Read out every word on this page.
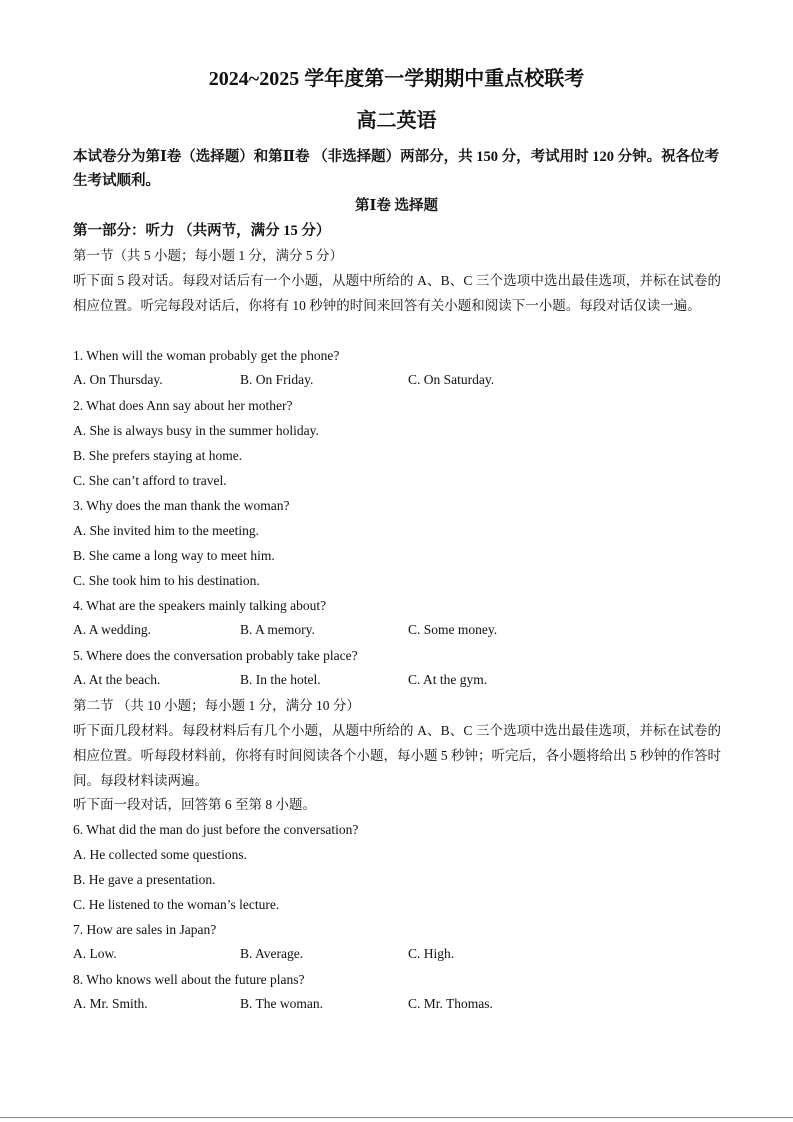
2024~2025 学年度第一学期期中重点校联考
高二英语
本试卷分为第Ⅰ卷（选择题）和第Ⅱ卷 （非选择题）两部分，共 150 分，考试用时 120 分钟。祝各位考生考试顺利。
第Ⅰ卷 选择题
第一部分：听力 （共两节，满分 15 分）
第一节（共 5 小题；每小题 1 分，满分 5 分）
听下面 5 段对话。每段对话后有一个小题，从题中所给的 A、B、C 三个选项中选出最佳选项，并标在试卷的相应位置。听完每段对话后，你将有 10 秒钟的时间来回答有关小题和阅读下一小题。每段对话仅读一遍。
1. When will the woman probably get the phone?
A. On Thursday.	B. On Friday.	C. On Saturday.
2. What does Ann say about her mother?
A. She is always busy in the summer holiday.
B. She prefers staying at home.
C. She can’t afford to travel.
3. Why does the man thank the woman?
A. She invited him to the meeting.
B. She came a long way to meet him.
C. She took him to his destination.
4. What are the speakers mainly talking about?
A. A wedding.	B. A memory.	C. Some money.
5. Where does the conversation probably take place?
A. At the beach.	B. In the hotel.	C. At the gym.
第二节 （共 10 小题；每小题 1 分，满分 10 分）
听下面几段材料。每段材料后有几个小题，从题中所给的 A、B、C 三个选项中选出最佳选项，并标在试卷的相应位置。听每段材料前，你将有时间阅读各个小题，每小题 5 秒钟；听完后，各小题将给出 5 秒钟的作答时间。每段材料读两遍。
听下面一段对话，回答第 6 至第 8 小题。
6. What did the man do just before the conversation?
A. He collected some questions.
B. He gave a presentation.
C. He listened to the woman’s lecture.
7. How are sales in Japan?
A. Low.	B. Average.	C. High.
8. Who knows well about the future plans?
A. Mr. Smith.	B. The woman.	C. Mr. Thomas.
